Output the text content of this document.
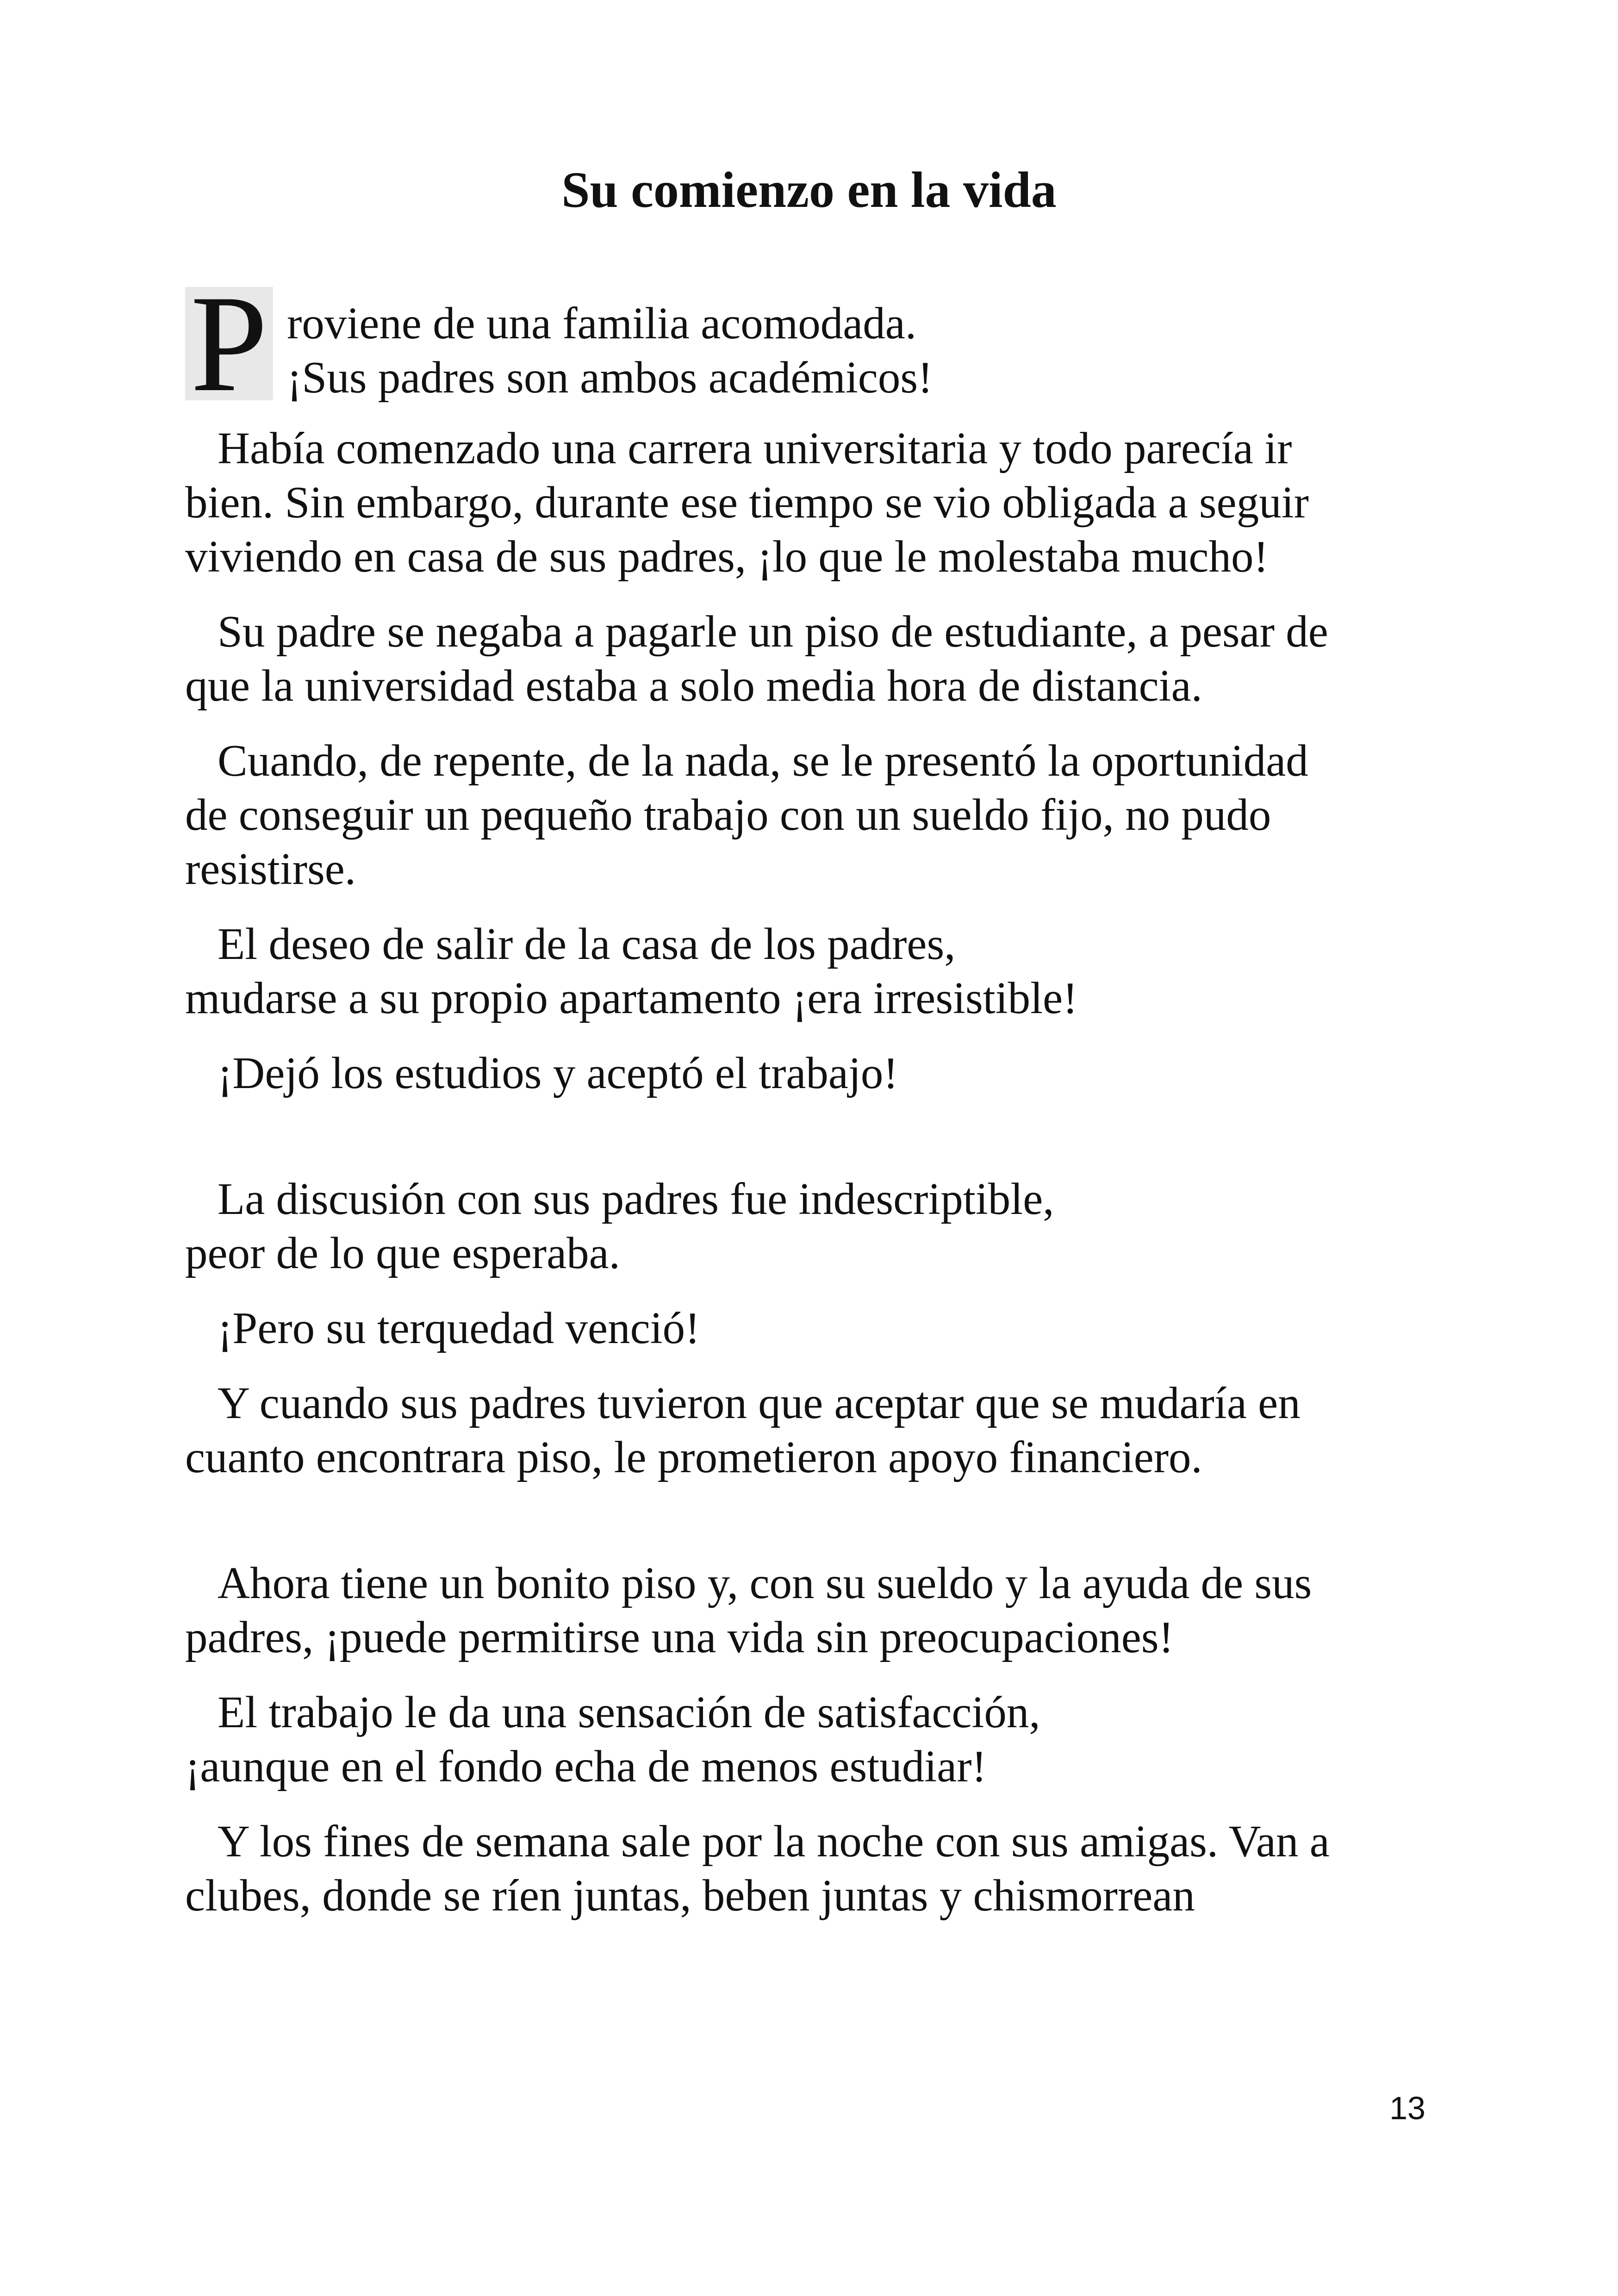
Su comienzo en la vida
P roviene de una familia acomodada.
¡Sus padres son ambos académicos!

Había comenzado una carrera universitaria y todo parecía ir
bien. Sin embargo, durante ese tiempo se vio obligada a seguir
viviendo en casa de sus padres, ¡lo que le molestaba mucho!

Su padre se negaba a pagarle un piso de estudiante, a pesar de
que la universidad estaba a solo media hora de distancia.

Cuando, de repente, de la nada, se le presentó la oportunidad
de conseguir un pequeño trabajo con un sueldo fijo, no pudo
resistirse.

El deseo de salir de la casa de los padres,
mudarse a su propio apartamento ¡era irresistible!

¡Dejó los estudios y aceptó el trabajo!

La discusión con sus padres fue indescriptible,
peor de lo que esperaba.

¡Pero su terquedad venció!

Y cuando sus padres tuvieron que aceptar que se mudaría en
cuanto encontrara piso, le prometieron apoyo financiero.

Ahora tiene un bonito piso y, con su sueldo y la ayuda de sus
padres, ¡puede permitirse una vida sin preocupaciones!

El trabajo le da una sensación de satisfacción,
¡aunque en el fondo echa de menos estudiar!

Y los fines de semana sale por la noche con sus amigas. Van a
clubes, donde se ríen juntas, beben juntas y chismorrean

13
